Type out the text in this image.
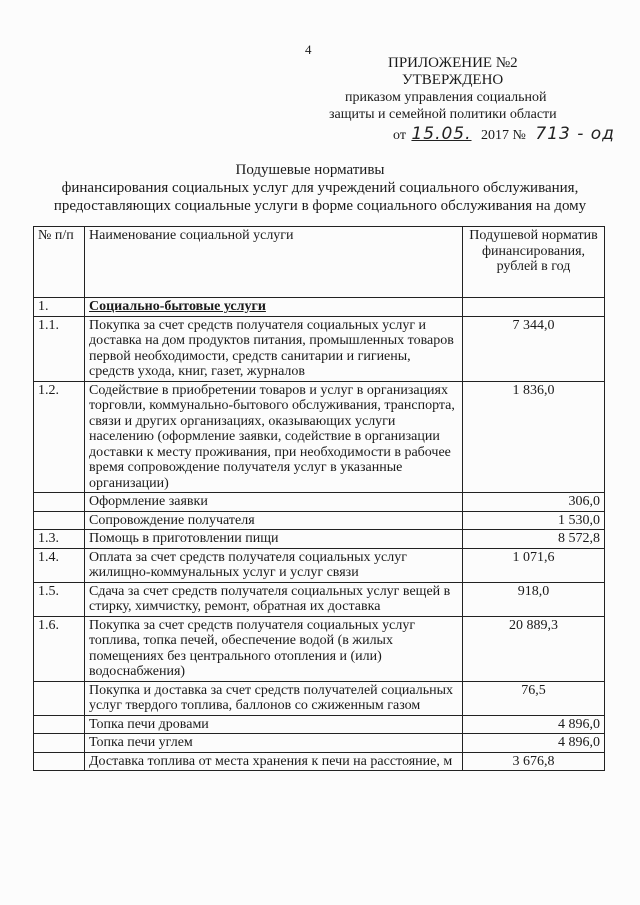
4
ПРИЛОЖЕНИЕ №2
УТВЕРЖДЕНО
приказом управления социальной
защиты и семейной политики области
от 15.05. 2017 № 713 - од
Подушевые нормативы
финансирования социальных услуг для учреждений социального обслуживания,
предоставляющих социальные услуги в форме социального обслуживания на дому
№ п/п	Наименование социальной услуги	Подушевой норматив финансирования, рублей в год
1.	Социально-бытовые услуги	
1.1.	Покупка за счет средств получателя социальных услуг и доставка на дом продуктов питания, промышленных товаров первой необходимости, средств санитарии и гигиены, средств ухода, книг, газет, журналов	7 344,0
1.2.	Содействие в приобретении товаров и услуг в организациях торговли, коммунально-бытового обслуживания, транспорта, связи и других организациях, оказывающих услуги населению (оформление заявки, содействие в организации доставки к месту проживания, при необходимости в рабочее время сопровождение получателя услуг в указанные организации)	1 836,0
	Оформление заявки	306,0
	Сопровождение получателя	1 530,0
1.3.	Помощь в приготовлении пищи	8 572,8
1.4.	Оплата за счет средств получателя социальных услуг жилищно-коммунальных услуг и услуг связи	1 071,6
1.5.	Сдача за счет средств получателя социальных услуг вещей в стирку, химчистку, ремонт, обратная их доставка	918,0
1.6.	Покупка за счет средств получателя социальных услуг топлива, топка печей, обеспечение водой (в жилых помещениях без центрального отопления и (или) водоснабжения)	20 889,3
	Покупка и доставка за счет средств получателей социальных услуг твердого топлива, баллонов со сжиженным газом	76,5
	Топка печи дровами	4 896,0
	Топка печи углем	4 896,0
	Доставка топлива от места хранения к печи на расстояние, м	3 676,8
